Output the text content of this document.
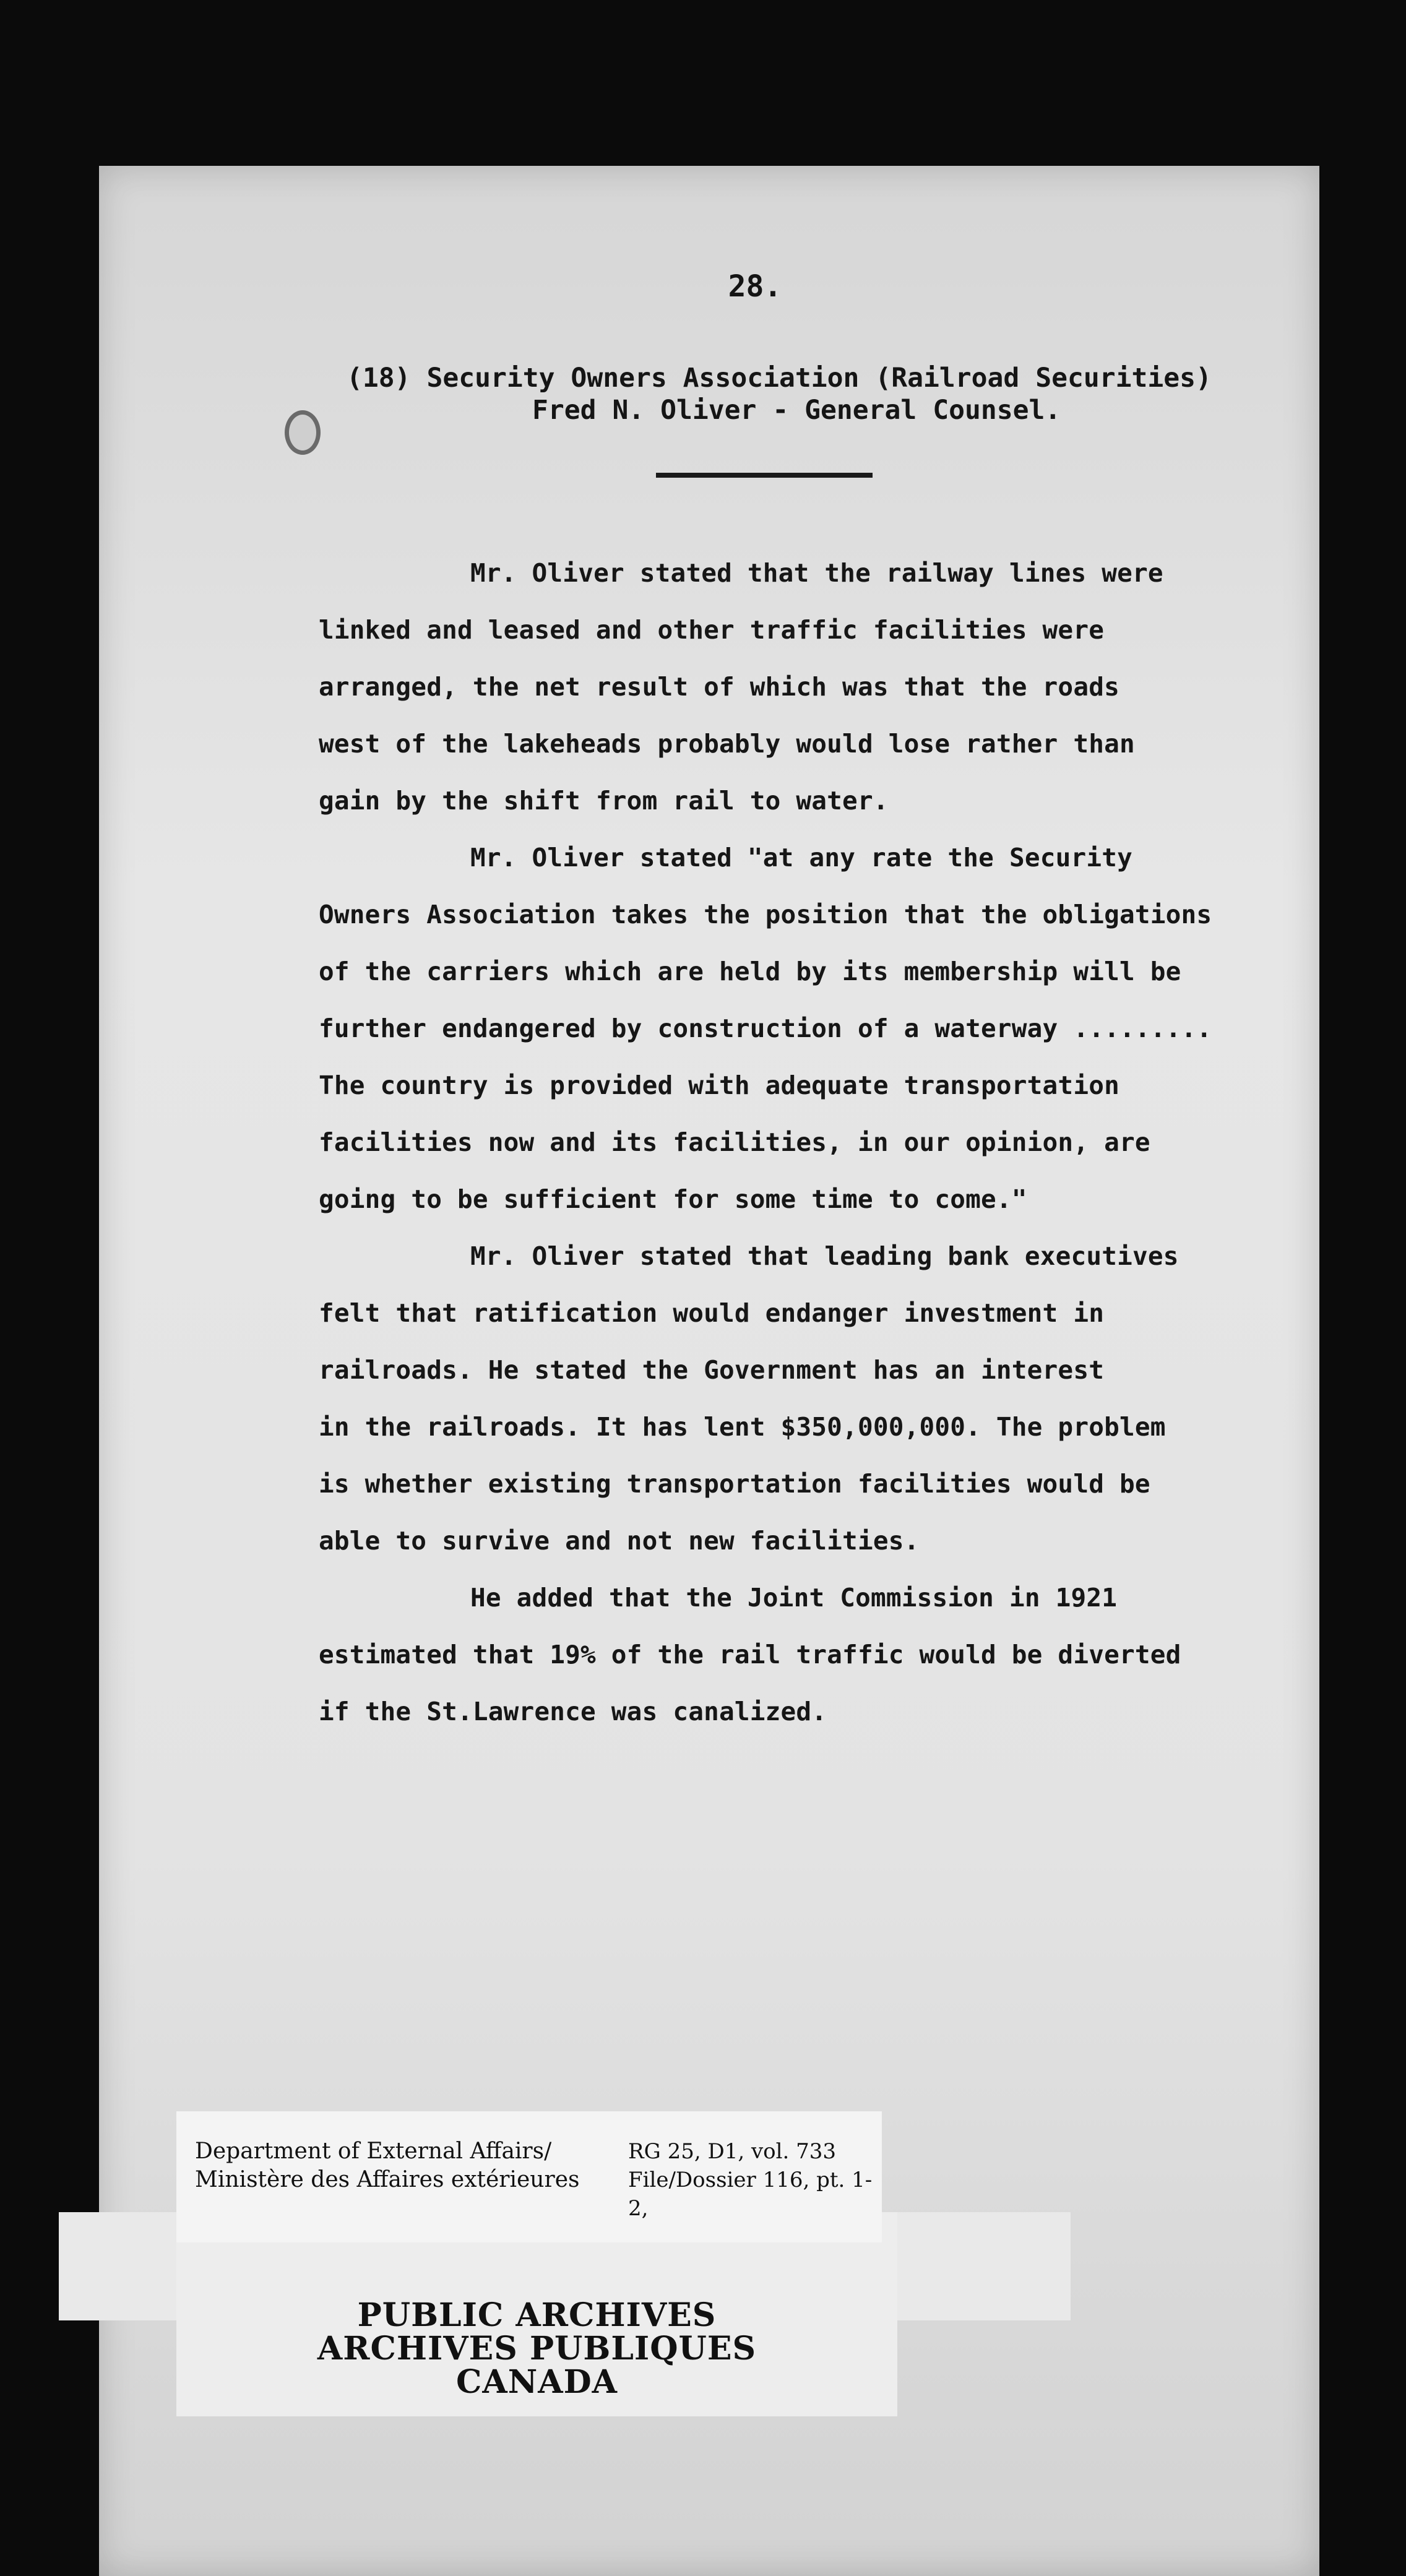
28.
(18) Security Owners Association (Railroad Securities)
Fred N. Oliver - General Counsel.

Mr. Oliver stated that the railway lines were
linked and leased and other traffic facilities were
arranged, the net result of which was that the roads
west of the lakeheads probably would lose rather than
gain by the shift from rail to water.

Mr. Oliver stated "at any rate the Security
Owners Association takes the position that the obligations
of the carriers which are held by its membership will be
further endangered by construction of a waterway .........
The country is provided with adequate transportation
facilities now and its facilities, in our opinion, are
going to be sufficient for some time to come."

Mr. Oliver stated that leading bank executives
felt that ratification would endanger investment in
railroads. He stated the Government has an interest
in the railroads. It has lent $350,000,000. The problem
is whether existing transportation facilities would be
able to survive and not new facilities.

He added that the Joint Commission in 1921
estimated that 19% of the rail traffic would be diverted
if the St.Lawrence was canalized.

PUBLIC ARCHIVES
ARCHIVES PUBLIQUES
CANADA
Department of External Affairs/
Ministère des Affaires extérieures
RG 25, D1, vol. 733
File/Dossier 116, pt. 1-2,
